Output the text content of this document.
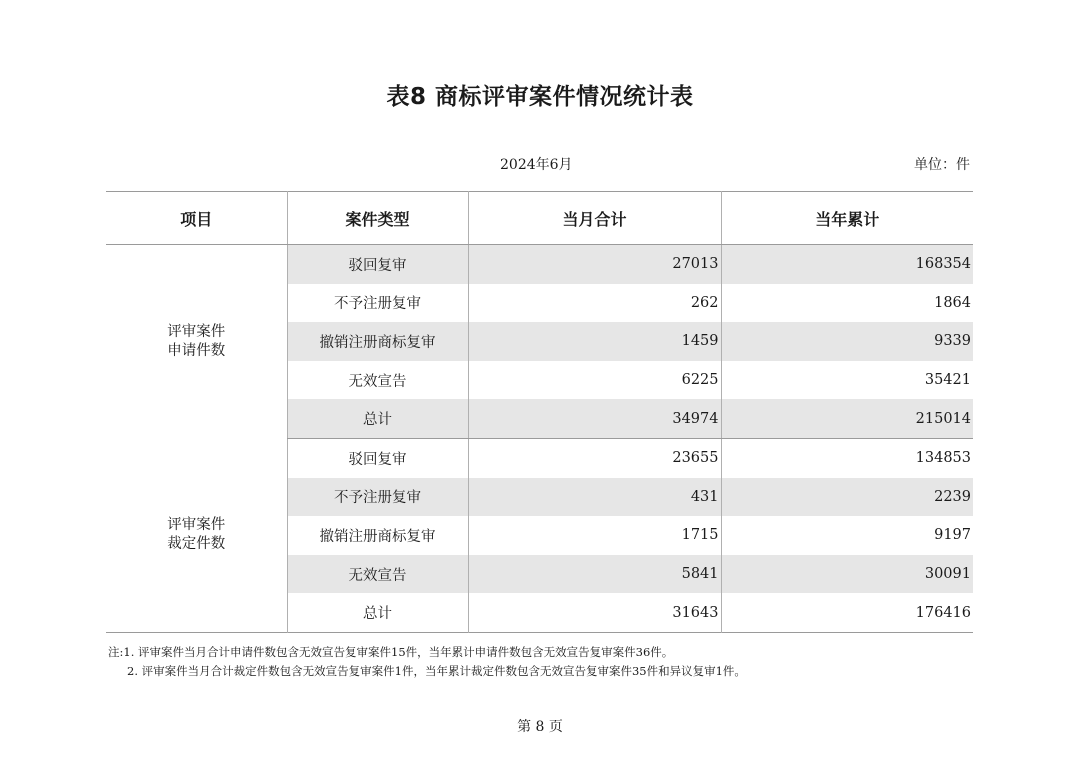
表8 商标评审案件情况统计表
2024年6月	单位：件
项目	案件类型	当月合计	当年累计

评审案件
申请件数	驳回复审	27013	168354
	不予注册复审	262	1864
	撤销注册商标复审	1459	9339
	无效宣告	6225	35421
	总计	34974	215014

评审案件
裁定件数	驳回复审	23655	134853
	不予注册复审	431	2239
	撤销注册商标复审	1715	9197
	无效宣告	5841	30091
	总计	31643	176416
注:1. 评审案件当月合计申请件数包含无效宣告复审案件15件，当年累计申请件数包含无效宣告复审案件36件。
2. 评审案件当月合计裁定件数包含无效宣告复审案件1件，当年累计裁定件数包含无效宣告复审案件35件和异议复审1件。
第 8 页
